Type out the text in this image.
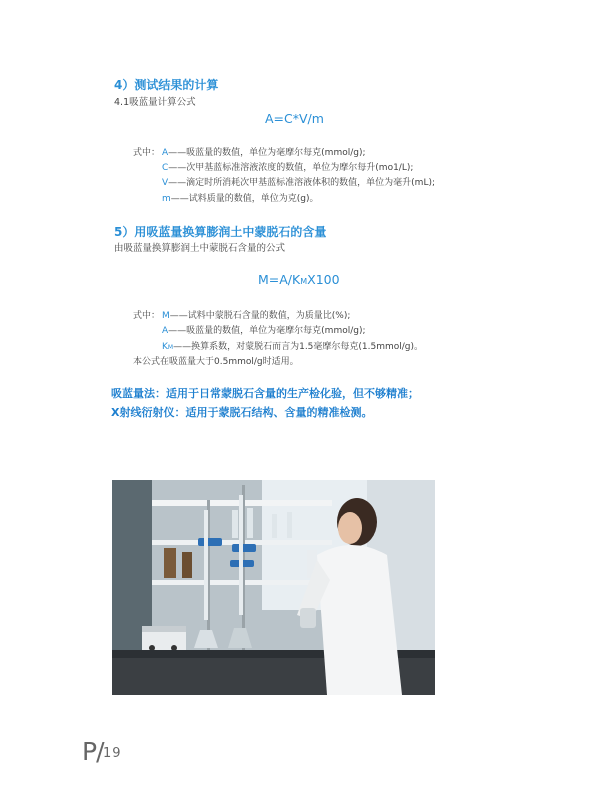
4）测试结果的计算
4.1吸蓝量计算公式
A=C*V/m
式中： A——吸蓝量的数值，单位为毫摩尔每克(mmol/g);
C——次甲基蓝标准溶液浓度的数值，单位为摩尔每升(mo1/L);
V——滴定时所消耗次甲基蓝标准溶液体积的数值，单位为毫升(mL);
m——试料质量的数值，单位为克(g)。
5）用吸蓝量换算膨润土中蒙脱石的含量
由吸蓝量换算膨润土中蒙脱石含量的公式
M=A/KMX100
式中： M——试料中蒙脱石含量的数值，为质量比(%);
A——吸蓝量的数值，单位为毫摩尔每克(mmol/g);
KM——换算系数，对蒙脱石而言为1.5毫摩尔每克(1.5mmol/g)。
本公式在吸蓝量大于0.5mmol/g时适用。
吸蓝量法：适用于日常蒙脱石含量的生产检化验，但不够精准；
X射线衍射仪：适用于蒙脱石结构、含量的精准检测。
P/ 19
